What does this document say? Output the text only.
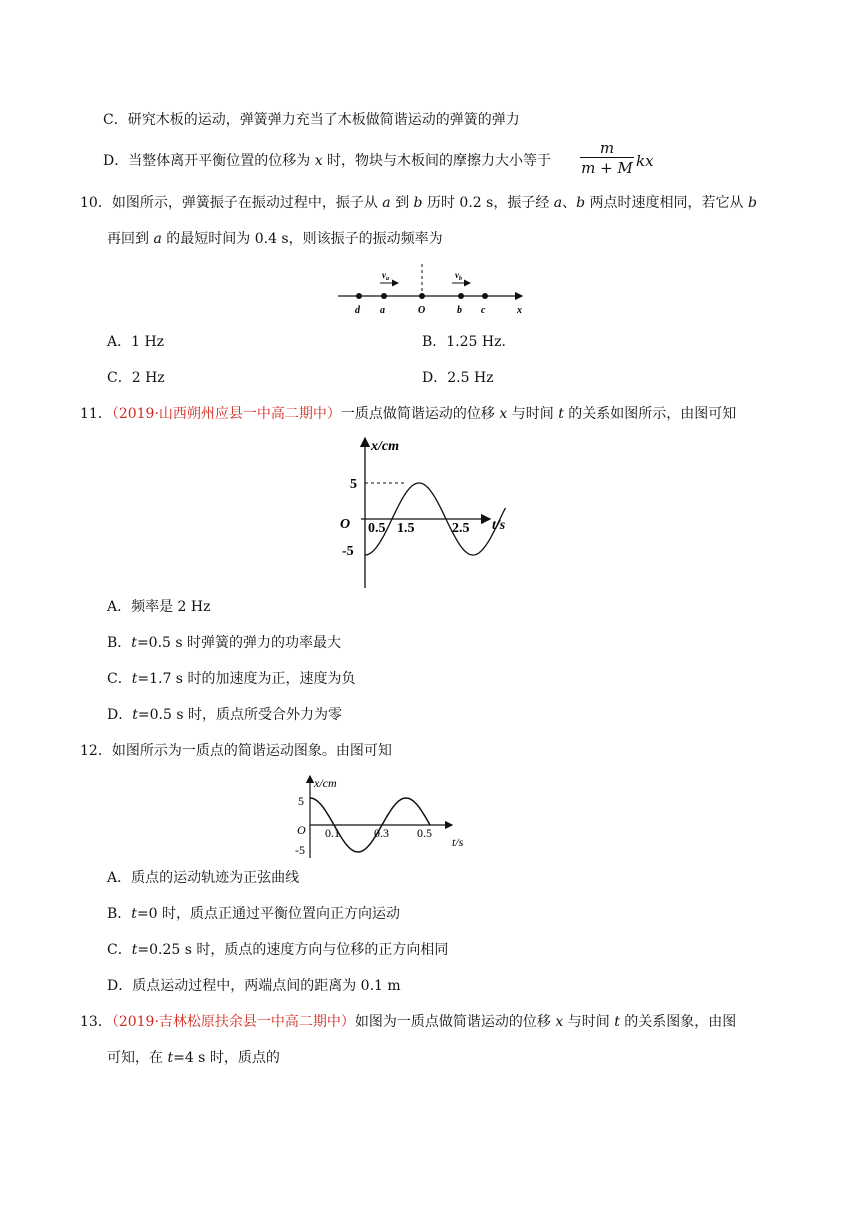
C．研究木板的运动，弹簧弹力充当了木板做简谐运动的弹簧的弹力
D．当整体离开平衡位置的位移为 x 时，物块与木板间的摩擦力大小等于
m
m + M kx
10．如图所示，弹簧振子在振动过程中，振子从 a 到 b 历时 0.2 s，振子经 a、b 两点时速度相同，若它从 b
再回到 a 的最短时间为 0.4 s，则该振子的振动频率为
$v_a$	$v_b$
d a	O	b c	x
A．1 Hz	B．1.25 Hz.
C．2 Hz	D．2.5 Hz
11．（2019·山西朔州应县一中高二期中）一质点做简谐运动的位移 x 与时间 t 的关系如图所示，由图可知
x/cm
t/s
O
5
-5
0.5 1.5	2.5
A．频率是 2 Hz
B．t=0.5 s 时弹簧的弹力的功率最大
C．t=1.7 s 时的加速度为正，速度为负
D．t=0.5 s 时，质点所受合外力为零
12．如图所示为一质点的简谐运动图象。由图可知
x/cm
t/s
O
5
-5
0.1	0.3 0.5
A．质点的运动轨迹为正弦曲线
B．t=0 时，质点正通过平衡位置向正方向运动
C．t=0.25 s 时，质点的速度方向与位移的正方向相同
D．质点运动过程中，两端点间的距离为 0.1 m
13．（2019·吉林松原扶余县一中高二期中）如图为一质点做简谐运动的位移 x 与时间 t 的关系图象，由图
可知，在 t=4 s 时，质点的
